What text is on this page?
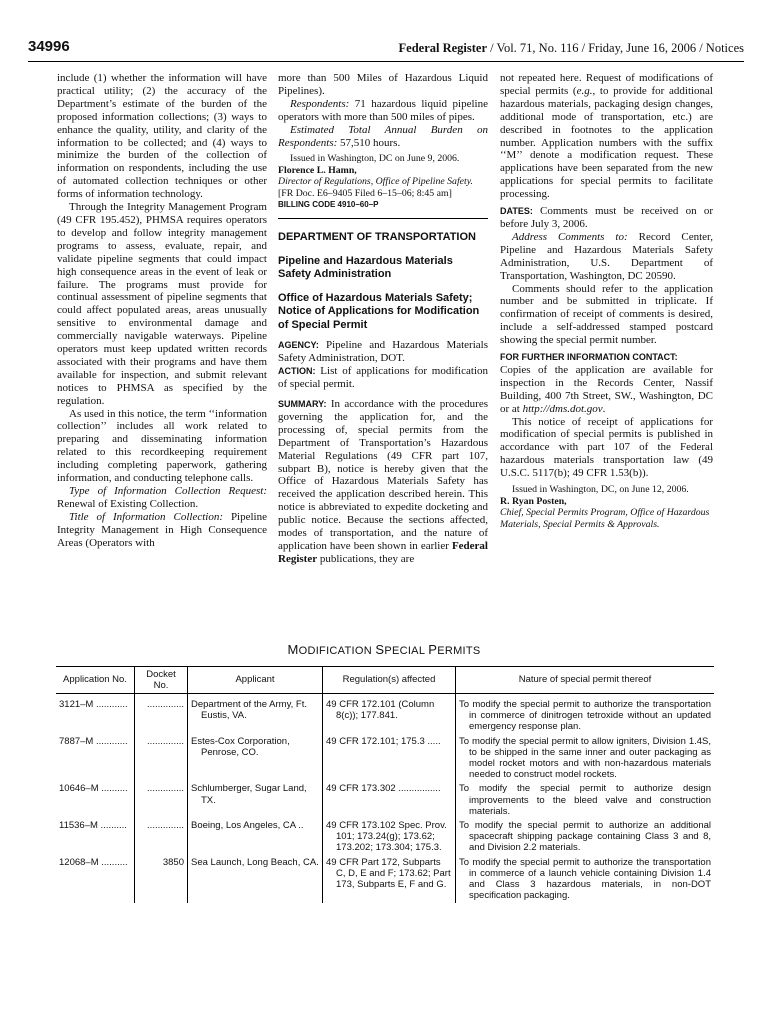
34996	Federal Register / Vol. 71, No. 116 / Friday, June 16, 2006 / Notices

include (1) whether the information will have practical utility; (2) the accuracy of the Department’s estimate of the burden of the proposed information collections; (3) ways to enhance the quality, utility, and clarity of the information to be collected; and (4) ways to minimize the burden of the collection of information on respondents, including the use of automated collection techniques or other forms of information technology.

Through the Integrity Management Program (49 CFR 195.452), PHMSA requires operators to develop and follow integrity management programs to assess, evaluate, repair, and validate pipeline segments that could impact high consequence areas in the event of leak or failure. The programs must provide for continual assessment of pipeline segments that could affect populated areas, areas unusually sensitive to environmental damage and commercially navigable waterways. Pipeline operators must keep updated written records associated with their programs and have them available for inspection, and submit relevant notices to PHMSA as specified by the regulation.

As used in this notice, the term ‘‘information collection’’ includes all work related to preparing and disseminating information related to this recordkeeping requirement including completing paperwork, gathering information, and conducting telephone calls.

Type of Information Collection Request: Renewal of Existing Collection.

Title of Information Collection: Pipeline Integrity Management in High Consequence Areas (Operators with

more than 500 Miles of Hazardous Liquid Pipelines).

Respondents: 71 hazardous liquid pipeline operators with more than 500 miles of pipes.

Estimated Total Annual Burden on Respondents: 57,510 hours.

Issued in Washington, DC on June 9, 2006.

Florence L. Hamn,

Director of Regulations, Office of Pipeline Safety.

[FR Doc. E6–9405 Filed 6–15–06; 8:45 am]

BILLING CODE 4910–60–P

DEPARTMENT OF TRANSPORTATION

Pipeline and Hazardous Materials Safety Administration

Office of Hazardous Materials Safety; Notice of Applications for Modification of Special Permit

AGENCY: Pipeline and Hazardous Materials Safety Administration, DOT.

ACTION: List of applications for modification of special permit.

SUMMARY: In accordance with the procedures governing the application for, and the processing of, special permits from the Department of Transportation’s Hazardous Material Regulations (49 CFR part 107, subpart B), notice is hereby given that the Office of Hazardous Materials Safety has received the application described herein. This notice is abbreviated to expedite docketing and public notice. Because the sections affected, modes of transportation, and the nature of application have been shown in earlier Federal Register publications, they are

not repeated here. Request of modifications of special permits (e.g., to provide for additional hazardous materials, packaging design changes, additional mode of transportation, etc.) are described in footnotes to the application number. Application numbers with the suffix ‘‘M’’ denote a modification request. These applications have been separated from the new applications for special permits to facilitate processing.

DATES: Comments must be received on or before July 3, 2006.

Address Comments to: Record Center, Pipeline and Hazardous Materials Safety Administration, U.S. Department of Transportation, Washington, DC 20590.

Comments should refer to the application number and be submitted in triplicate. If confirmation of receipt of comments is desired, include a self-addressed stamped postcard showing the special permit number.

FOR FURTHER INFORMATION CONTACT:

Copies of the application are available for inspection in the Records Center, Nassif Building, 400 7th Street, SW., Washington, DC or at http://dms.dot.gov.

This notice of receipt of applications for modification of special permits is published in accordance with part 107 of the Federal hazardous materials transportation law (49 U.S.C. 5117(b); 49 CFR 1.53(b)).

Issued in Washington, DC, on June 12, 2006.

R. Ryan Posten,

Chief, Special Permits Program, Office of Hazardous Materials, Special Permits & Approvals.

MODIFICATION SPECIAL PERMITS
Application No.	Docket No.	Applicant	Regulation(s) affected	Nature of special permit thereof
3121–M ............	..............	Department of the Army, Ft. Eustis, VA.	49 CFR 172.101 (Column 8(c)); 177.841.	To modify the special permit to authorize the transportation in commerce of dinitrogen tetroxide without an updated emergency response plan.

7887–M ............	..............	Estes-Cox Corporation, Penrose, CO.	49 CFR 172.101; 175.3 .....	To modify the special permit to allow igniters, Division 1.4S, to be shipped in the same inner and outer packaging as model rocket motors and with non-hazardous materials needed to construct model rockets.

10646–M ..........	..............	Schlumberger, Sugar Land, TX.	49 CFR 173.302 ................	To modify the special permit to authorize design improvements to the bleed valve and construction materials.

11536–M ..........	..............	Boeing, Los Angeles, CA ..	49 CFR 173.102 Spec. Prov. 101; 173.24(g); 173.62; 173.202; 173.304; 175.3.	To modify the special permit to authorize an additional spacecraft shipping package containing Class 3 and 8, and Division 2.2 materials.

12068–M ..........	3850	Sea Launch, Long Beach, CA.	49 CFR Part 172, Subparts C, D, E and F; 173.62; Part 173, Subparts E, F and G.	To modify the special permit to authorize the transportation in commerce of a launch vehicle containing Division 1.4 and Class 3 hazardous materials, in non-DOT specification packaging.
